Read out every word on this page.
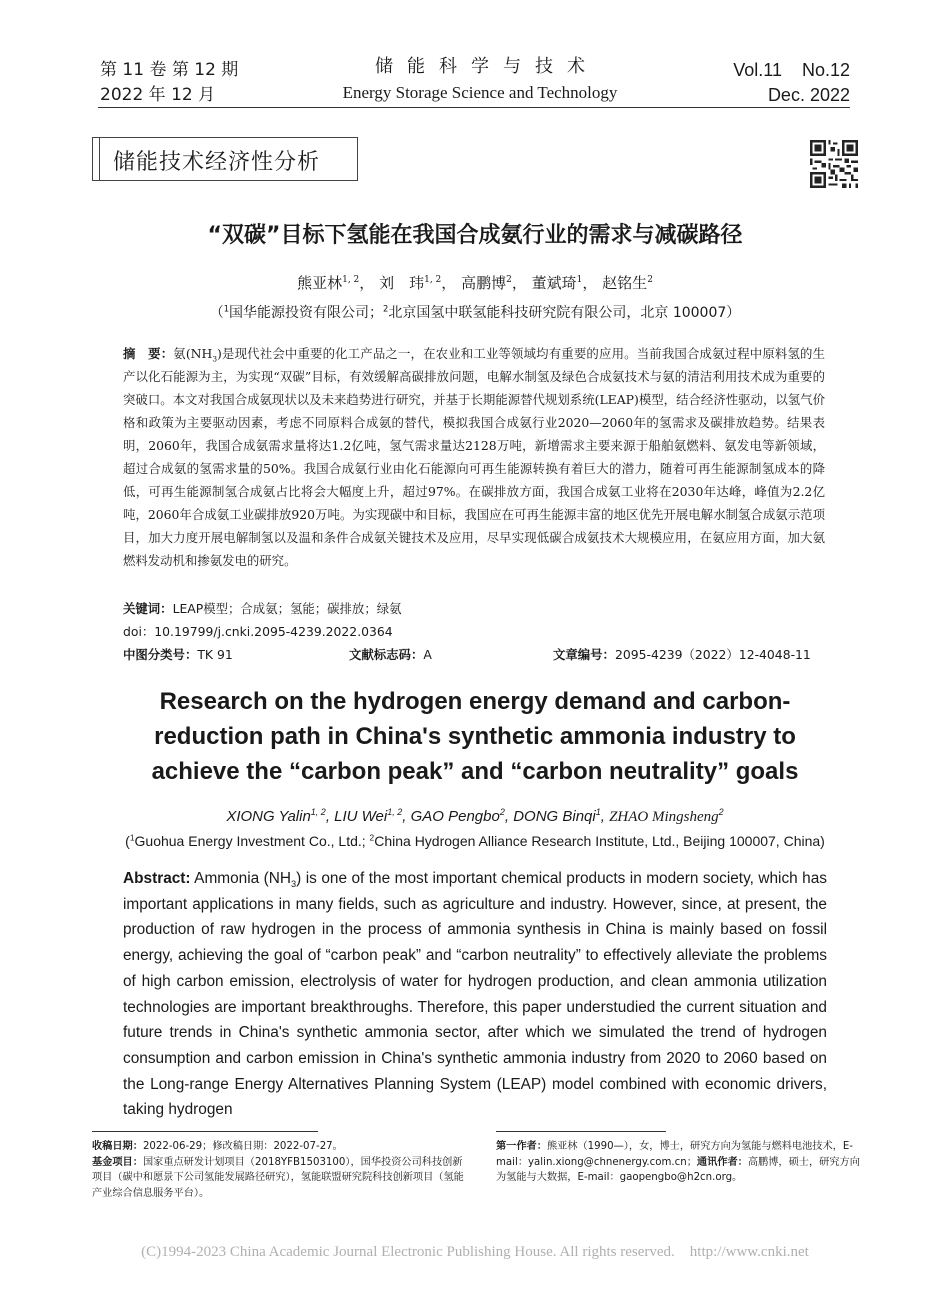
第 11 卷 第 12 期
2022 年 12 月
储能科学与技术
Energy Storage Science and Technology
Vol.11    No.12
Dec. 2022
储能技术经济性分析
“双碳”目标下氢能在我国合成氨行业的需求与减碳路径
熊亚林$^{1, 2}$， 刘　玮$^{1, 2}$， 高鹏博$^2$， 董斌琦$^1$， 赵铭生$^2$
（$^1$国华能源投资有限公司；$^2$北京国氢中联氢能科技研究院有限公司，北京 100007）
摘　要：氨$(NH_3)$是现代社会中重要的化工产品之一，在农业和工业等领域均有重要的应用。当前我国合成氨过程中原料氢的生产以化石能源为主，为实现“双碳”目标，有效缓解高碳排放问题，电解水制氢及绿色合成氨技术与氨的清洁利用技术成为重要的突破口。本文对我国合成氨现状以及未来趋势进行研究，并基于长期能源替代规划系统(LEAP)模型，结合经济性驱动，以氢气价格和政策为主要驱动因素，考虑不同原料合成氨的替代，模拟我国合成氨行业2020—2060年的氢需求及碳排放趋势。结果表明，2060年，我国合成氨需求量将达1.2亿吨，氢气需求量达2128万吨，新增需求主要来源于船舶氨燃料、氨发电等新领域，超过合成氨的氢需求量的50%。我国合成氨行业由化石能源向可再生能源转换有着巨大的潜力，随着可再生能源制氢成本的降低，可再生能源制氢合成氨占比将会大幅度上升，超过97%。在碳排放方面，我国合成氨工业将在2030年达峰，峰值为2.2亿吨，2060年合成氨工业碳排放920万吨。为实现碳中和目标，我国应在可再生能源丰富的地区优先开展电解水制氢合成氨示范项目，加大力度开展电解制氢以及温和条件合成氨关键技术及应用，尽早实现低碳合成氨技术大规模应用，在氨应用方面，加大氨燃料发动机和掺氨发电的研究。
关键词：LEAP模型；合成氨；氢能；碳排放；绿氨
doi：10.19799/j.cnki.2095-4239.2022.0364
中图分类号： TK 91	文献标志码： A	文章编号： 2095-4239（2022）12-4048-11
Research on the hydrogen energy demand and carbon-
reduction path in China's synthetic ammonia industry to
achieve the “carbon peak” and “carbon neutrality” goals
XIONG Yalin$^{1, 2}$, LIU Wei$^{1, 2}$, GAO Pengbo$^2$, DONG Binqi$^1$, ZHAO Mingsheng$^2$
($^1$Guohua Energy Investment Co., Ltd.; $^2$China Hydrogen Alliance Research Institute, Ltd., Beijing 100007, China)
Abstract: Ammonia $(NH_3)$ is one of the most important chemical products in modern society, which has important applications in many fields, such as agriculture and industry. However, since, at present, the production of raw hydrogen in the process of ammonia synthesis in China is mainly based on fossil energy, achieving the goal of “carbon peak” and “carbon neutrality” to effectively alleviate the problems of high carbon emission, electrolysis of water for hydrogen production, and clean ammonia utilization technologies are important breakthroughs. Therefore, this paper understudied the current situation and future trends in China's synthetic ammonia sector, after which we simulated the trend of hydrogen consumption and carbon emission in China's synthetic ammonia industry from 2020 to 2060 based on the Long-range Energy Alternatives Planning System (LEAP) model combined with economic drivers, taking hydrogen
收稿日期：2022-06-29；修改稿日期：2022-07-27。
基金项目：国家重点研发计划项目（2018YFB1503100），国华投资公司科技创新项目（碳中和愿景下公司氢能发展路径研究），氢能联盟研究院科技创新项目（氢能产业综合信息服务平台）。
第一作者：熊亚林（1990—），女，博士，研究方向为氢能与燃料电池技术，E-mail：yalin.xiong@chnenergy.com.cn；通讯作者：高鹏博，硕士，研究方向为氢能与大数据，E-mail：gaopengbo@h2cn.org。
(C)1994-2023 China Academic Journal Electronic Publishing House. All rights reserved.    http://www.cnki.net
